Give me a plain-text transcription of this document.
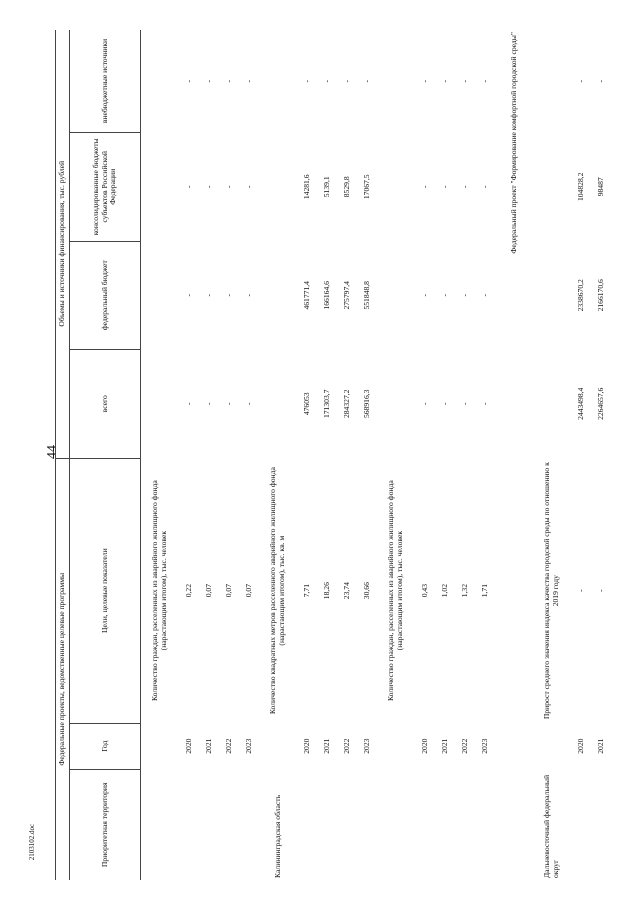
44
2103102.doc
Федеральные проекты, ведомственные целевые программы			Объемы и источники финансирования, тыс. рублей			
Приоритетная территория	Год	Цели, целевые показатели	всего	федеральный бюджет	консолидированные бюджеты субъектов Российской Федерации	внебюджетные источники
		Количество граждан, расселенных из аварийного жилищного фонда (нарастающим итогом), тыс. человек				
	2020	0,22	-	-	-	-
	2021	0,07	-	-	-	-
	2022	0,07	-	-	-	-
	2023	0,07	-	-	-	-
Калининградская область		Количество квадратных метров расселенного аварийного жилищного фонда (нарастающим итогом), тыс. кв. м				
	2020	7,71	476053	461771,4	14281,6	-
	2021	18,26	171303,7	166164,6	5139,1	-
	2022	23,74	284327,2	275797,4	8529,8	-
	2023	30,66	568916,3	551848,8	17067,5	-
		Количество граждан, расселенных из аварийного жилищного фонда (нарастающим итогом), тыс. человек				
	2020	0,43	-	-	-	-
	2021	1,02	-	-	-	-
	2022	1,32	-	-	-	-
	2023	1,71	-	-	-	-
		Федеральный проект "Формирование комфортной городской среды"				
Дальневосточный федеральный округ		Прирост среднего значения индекса качества городской среды по отношению к 2019 году				
	2020	-	2443498,4	2338670,2	104828,2	-
	2021	-	2264657,6	2166170,6	98487	-
